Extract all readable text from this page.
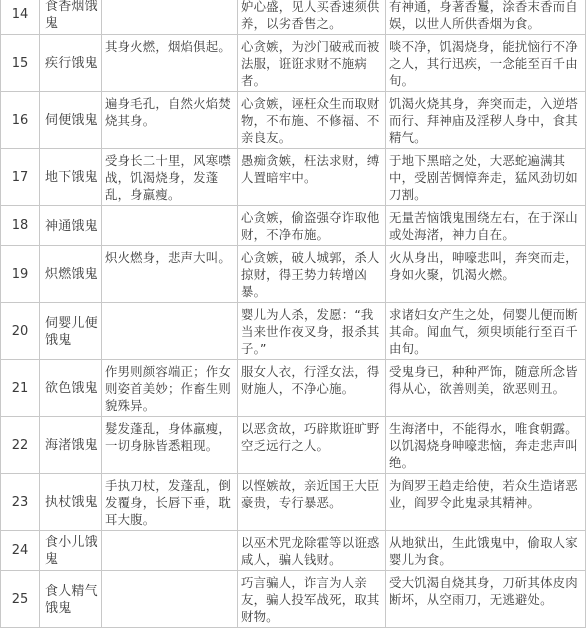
14	食香烟饿鬼		妒心盛，见人买香速须供养，以劣香售之。	有神通，身著香鬘，涂香末香而自娱，以世人所供香烟为食。
15	疾行饿鬼	其身火燃，烟焰俱起。	心贪嫉，为沙门破戒而被法服，诳诳求财不施病者。	啖不净，饥渴烧身，能扰恼行不净之人，其行迅疾，一念能至百千由旬。
16	伺便饿鬼	遍身毛孔，自然火焰焚烧其身。	心贪嫉，诬枉众生而取财物，不布施、不修福、不亲良友。	饥渴火烧其身，奔突而走，入逆塔而行、拜神庙及淫秽人身中，食其精气。
17	地下饿鬼	受身长二十里，风寒噤战，饥渴烧身，发蓬乱，身羸瘦。	愚痴贪嫉，枉法求财，缚人置暗牢中。	于地下黑暗之处，大恶蛇遍满其中，受剧苦惆慞奔走，猛风劲切如刀割。
18	神通饿鬼		心贪嫉，偷盗强夺诈取他财，不净布施。	无量苦恼饿鬼围绕左右，在于深山或处海渚，神力自在。
19	炽燃饿鬼	炽火燃身，悲声大叫。	心贪嫉，破人城郭，杀人掠财，得王势力转增凶暴。	火从身出，呻嚎悲叫，奔突而走，身如火聚，饥渴火燃。
20	伺婴儿便饿鬼		婴儿为人杀，发愿：“我当来世作夜叉身，报杀其子。”	求诸妇女产生之处，伺婴儿便而断其命。闻血气，须臾顷能行至百千由旬。
21	欲色饿鬼	作男则颜容端正；作女则姿首美妙；作畜生则貌殊异。	服女人衣，行淫女法，得财施人，不净心施。	受鬼身已，种种严饰，随意所念皆得从心，欲善则美，欲恶则丑。
22	海渚饿鬼	髮发蓬乱，身体羸瘦，一切身脉皆悉粗现。	以恶贪故，巧辟欺诳旷野空乏远行之人。	生海渚中，不能得水，唯食朝露。以饥渴烧身呻嚎悲恼，奔走悲声叫绝。
23	执杖饿鬼	手执刀杖，发蓬乱，倒发覆身，长唇下垂，耽耳大腹。	以悭嫉故，亲近国王大臣豪贵，专行暴恶。	为阎罗王趋走给使，若众生造诸恶业，阎罗令此鬼录其精神。
24	食小儿饿鬼		以巫术咒龙除霍等以诳惑咸人，骗人钱财。	从地狱出，生此饿鬼中，偷取人家婴儿为食。
25	食人精气饿鬼		巧言骗人，诈言为人亲友，骗人投军战死，取其财物。	受大饥渴自烧其身，刀斫其体皮肉断坏，从空雨刀，无逃避处。
